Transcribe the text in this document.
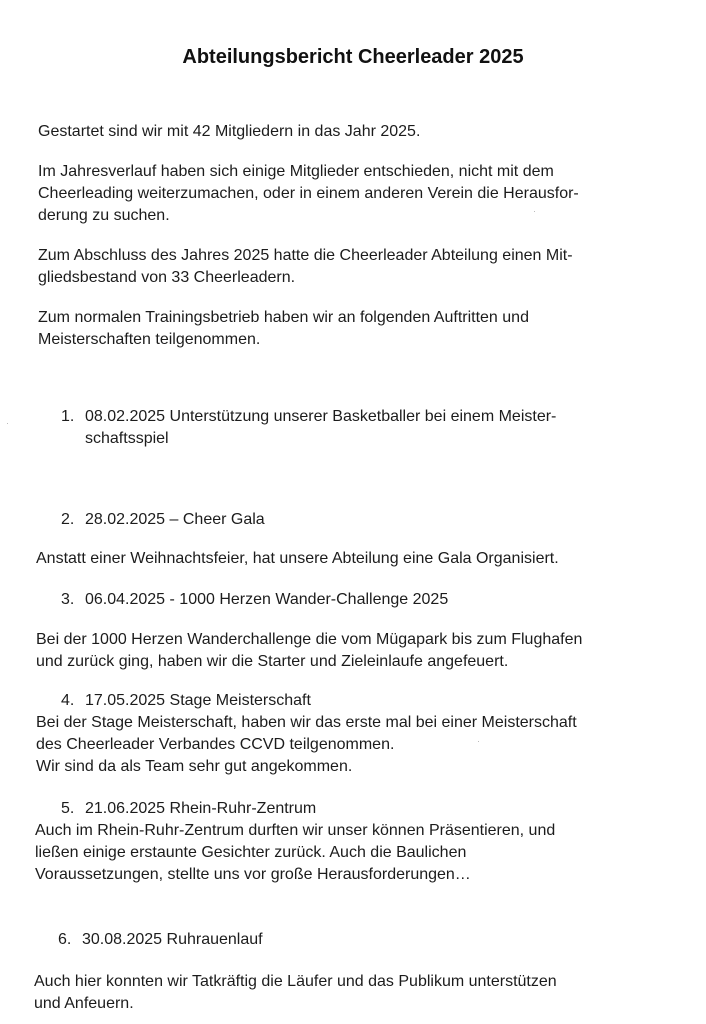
Abteilungsbericht Cheerleader 2025

Gestartet sind wir mit 42 Mitgliedern in das Jahr 2025.

Im Jahresverlauf haben sich einige Mitglieder entschieden, nicht mit dem

Cheerleading weiterzumachen, oder in einem anderen Verein die Herausfor-

derung zu suchen.

Zum Abschluss des Jahres 2025 hatte die Cheerleader Abteilung einen Mit-

gliedsbestand von 33 Cheerleadern.

Zum normalen Trainingsbetrieb haben wir an folgenden Auftritten und

Meisterschaften teilgenommen.

1. 08.02.2025 Unterstützung unserer Basketballer bei einem Meister-
schaftsspiel
2. 28.02.2025 – Cheer Gala

Anstatt einer Weihnachtsfeier, hat unsere Abteilung eine Gala Organisiert.

3. 06.04.2025 - 1000 Herzen Wander-Challenge 2025

Bei der 1000 Herzen Wanderchallenge die vom Mügapark bis zum Flughafen

und zurück ging, haben wir die Starter und Zieleinlaufe angefeuert.

4. 17.05.2025 Stage Meisterschaft

Bei der Stage Meisterschaft, haben wir das erste mal bei einer Meisterschaft

des Cheerleader Verbandes CCVD teilgenommen.

Wir sind da als Team sehr gut angekommen.

5. 21.06.2025 Rhein-Ruhr-Zentrum

Auch im Rhein-Ruhr-Zentrum durften wir unser können Präsentieren, und

ließen einige erstaunte Gesichter zurück. Auch die Baulichen

Voraussetzungen, stellte uns vor große Herausforderungen…

6. 30.08.2025 Ruhrauenlauf

Auch hier konnten wir Tatkräftig die Läufer und das Publikum unterstützen

und Anfeuern.
